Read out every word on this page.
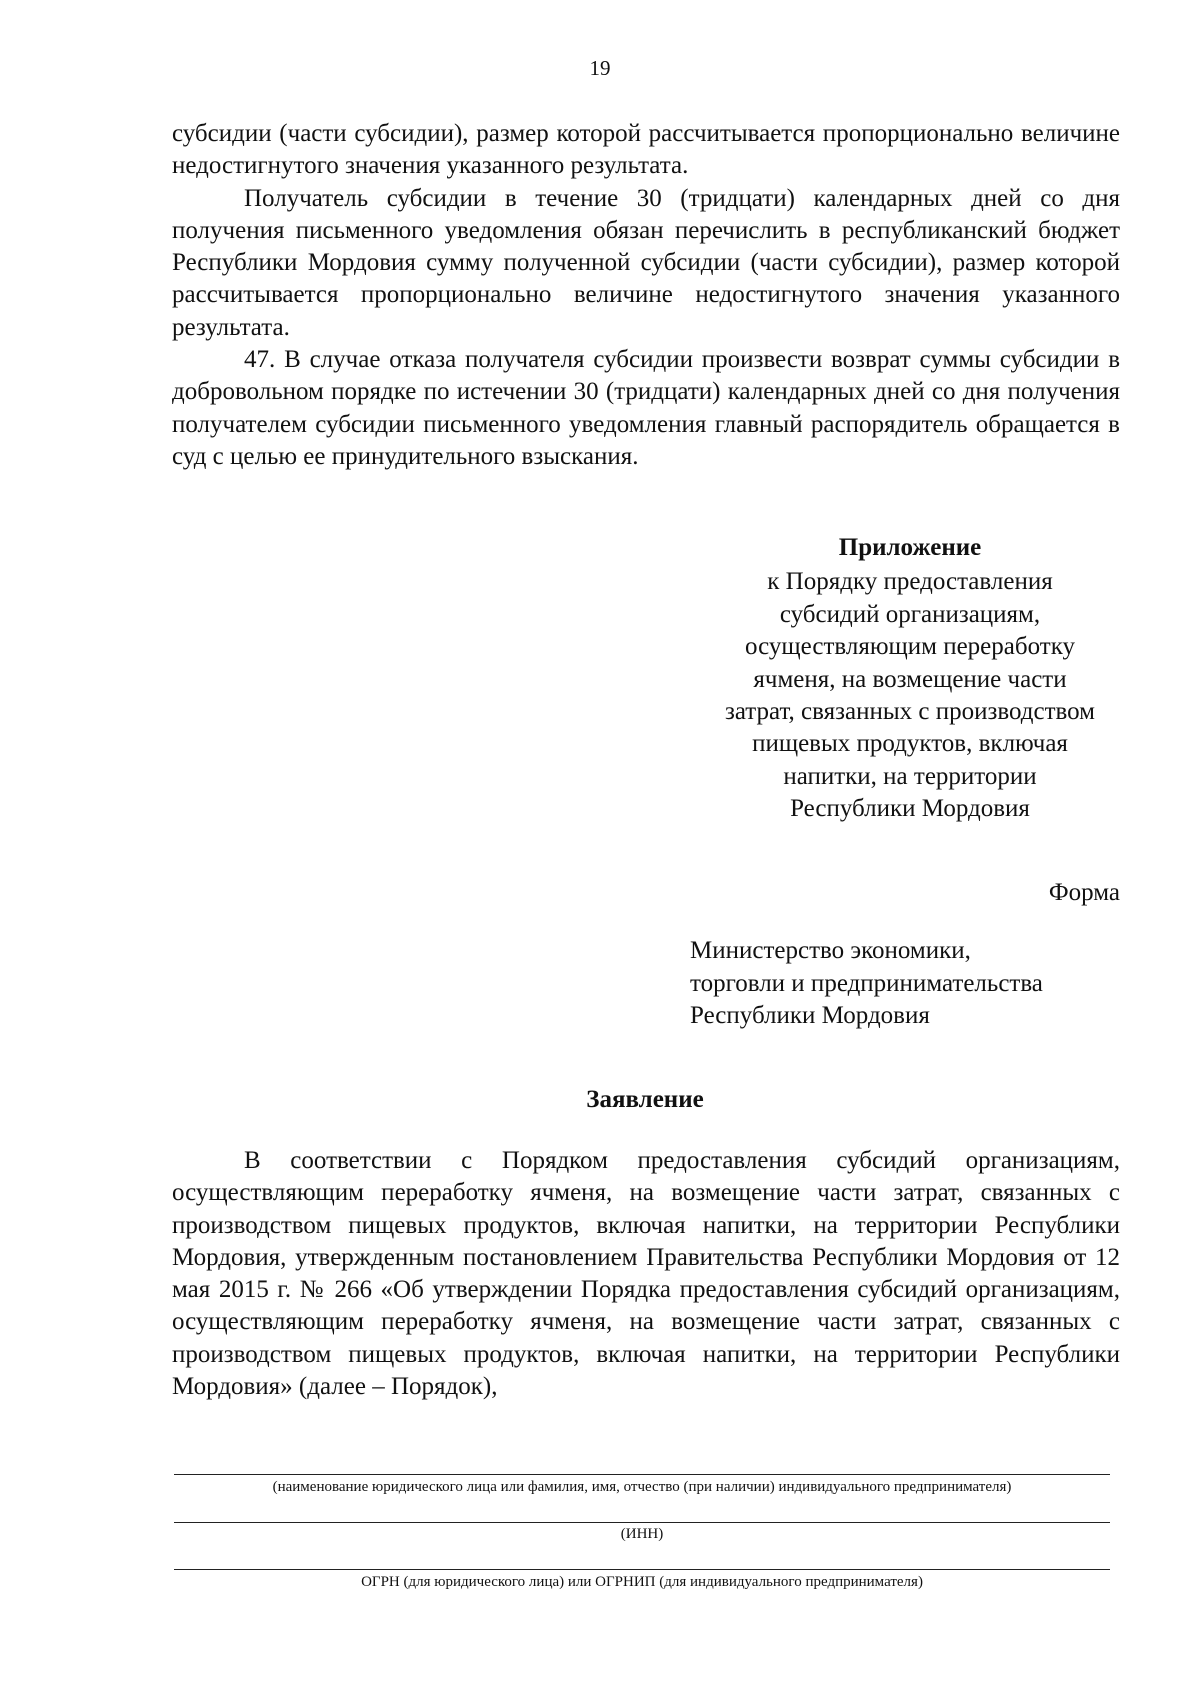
19

субсидии (части субсидии), размер которой рассчитывается пропорционально величине недостигнутого значения указанного результата.

Получатель субсидии в течение 30 (тридцати) календарных дней со дня получения письменного уведомления обязан перечислить в республиканский бюджет Республики Мордовия сумму полученной субсидии (части субсидии), размер которой рассчитывается пропорционально величине недостигнутого значения указанного результата.

47. В случае отказа получателя субсидии произвести возврат суммы субсидии в добровольном порядке по истечении 30 (тридцати) календарных дней со дня получения получателем субсидии письменного уведомления главный распорядитель обращается в суд с целью ее принудительного взыскания.

Приложение
к Порядку предоставления
субсидий организациям,
осуществляющим переработку
ячменя, на возмещение части
затрат, связанных с производством
пищевых продуктов, включая
напитки, на территории
Республики Мордовия
Форма
Министерство экономики,
торговли и предпринимательства
Республики Мордовия
Заявление
В соответствии с Порядком предоставления субсидий организациям, осуществляющим переработку ячменя, на возмещение части затрат, связанных с производством пищевых продуктов, включая напитки, на территории Республики Мордовия, утвержденным постановлением Правительства Республики Мордовия от 12 мая 2015 г. № 266 «Об утверждении Порядка предоставления субсидий организациям, осуществляющим переработку ячменя, на возмещение части затрат, связанных с производством пищевых продуктов, включая напитки, на территории Республики Мордовия» (далее – Порядок),
(наименование юридического лица или фамилия, имя, отчество (при наличии) индивидуального предпринимателя)
(ИНН)
ОГРН (для юридического лица) или ОГРНИП (для индивидуального предпринимателя)
